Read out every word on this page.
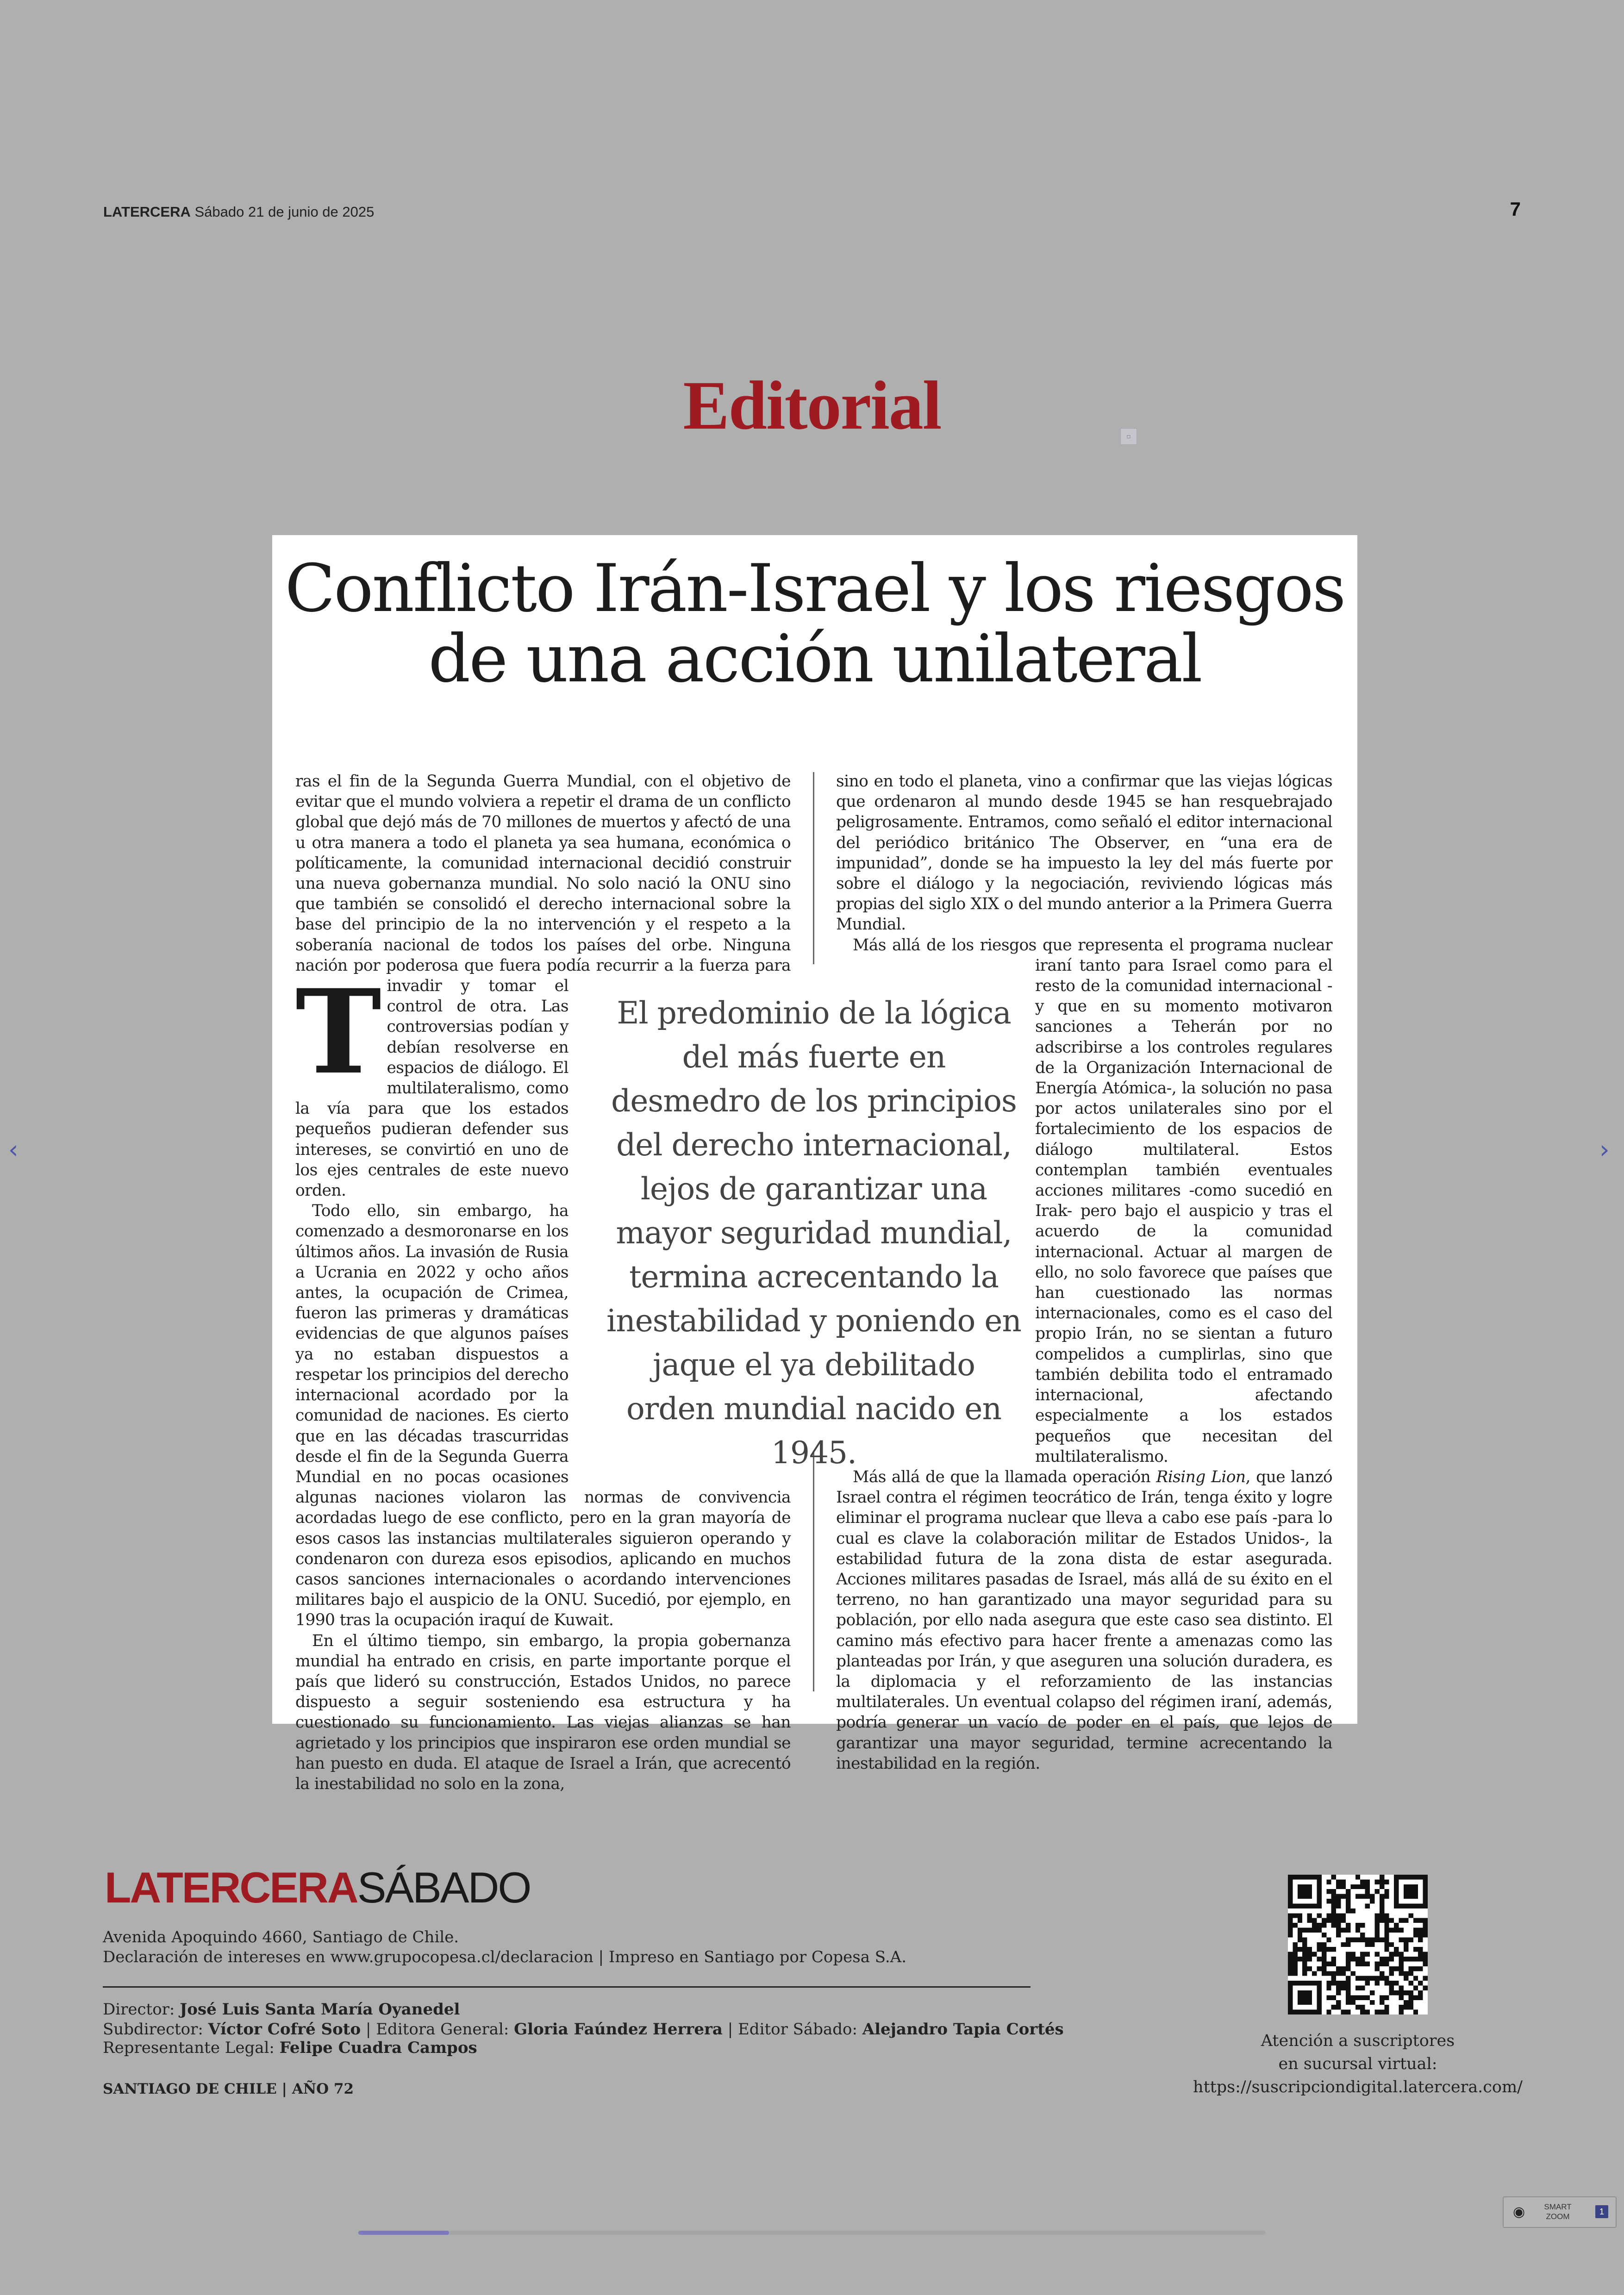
LATERCERA Sábado 21 de junio de 2025	7
Editorial	▫
Conflicto Irán-Israel y los riesgos
de una acción unilateral

T
ras el fin de la Segunda Guerra Mundial, con el objetivo de evitar que el mundo volviera a repetir el drama de un conflicto global que dejó más de 70 millones de muertos y afectó de una u otra manera a todo el planeta ya sea humana, económica o políticamente, la comunidad internacional decidió construir una nueva gobernanza mundial. No solo nació la ONU sino que también se consolidó el derecho internacional sobre la base del principio de la no intervención y el respeto a la soberanía nacional de todos los países del orbe. Ninguna nación por poderosa que fuera podía recurrir a la fuerza para invadir y tomar el control de otra. Las controversias podían y debían resolverse en espacios de diálogo. El multilateralismo, como la vía para que los estados pequeños pudieran defender sus intereses, se convirtió en uno de los ejes centrales de este nuevo orden.

Todo ello, sin embargo, ha comenzado a desmoronarse en los últimos años. La invasión de Rusia a Ucrania en 2022 y ocho años antes, la ocupación de Crimea, fueron las primeras y dramáticas evidencias de que algunos países ya no estaban dispuestos a respetar los principios del derecho internacional acordado por la comunidad de naciones. Es cierto que en las décadas trascurridas desde el fin de la Segunda Guerra Mundial en no pocas ocasiones algunas naciones violaron las normas de convivencia acordadas luego de ese conflicto, pero en la gran mayoría de esos casos las instancias multilaterales siguieron operando y condenaron con dureza esos episodios, aplicando en muchos casos sanciones internacionales o acordando intervenciones militares bajo el auspicio de la ONU. Sucedió, por ejemplo, en 1990 tras la ocupación iraquí de Kuwait.

En el último tiempo, sin embargo, la propia gobernanza mundial ha entrado en crisis, en parte importante porque el país que lideró su construcción, Estados Unidos, no parece dispuesto a seguir sosteniendo esa estructura y ha cuestionado su funcionamiento. Las viejas alianzas se han agrietado y los principios que inspiraron ese orden mundial se han puesto en duda. El ataque de Israel a Irán, que acrecentó la inestabilidad no solo en la zona,

sino en todo el planeta, vino a confirmar que las viejas lógicas que ordenaron al mundo desde 1945 se han resquebrajado peligrosamente. Entramos, como señaló el editor internacional del periódico británico The Observer, en “una era de impunidad”, donde se ha impuesto la ley del más fuerte por sobre el diálogo y la negociación, reviviendo lógicas más propias del siglo XIX o del mundo anterior a la Primera Guerra Mundial.

Más allá de los riesgos que representa el programa nuclear iraní tanto para Israel como para el resto de la comunidad internacional -y que en su momento motivaron sanciones a Teherán por no adscribirse a los controles regulares de la Organización Internacional de Energía Atómica-, la solución no pasa por actos unilaterales sino por el fortalecimiento de los espacios de diálogo multilateral. Estos contemplan también eventuales acciones militares -como sucedió en Irak- pero bajo el auspicio y tras el acuerdo de la comunidad internacional. Actuar al margen de ello, no solo favorece que países que han cuestionado las normas internacionales, como es el caso del propio Irán, no se sientan a futuro compelidos a cumplirlas, sino que también debilita todo el entramado internacional, afectando especialmente a los estados pequeños que necesitan del multilateralismo.

Más allá de que la llamada operación Rising Lion, que lanzó Israel contra el régimen teocrático de Irán, tenga éxito y logre eliminar el programa nuclear que lleva a cabo ese país -para lo cual es clave la colaboración militar de Estados Unidos-, la estabilidad futura de la zona dista de estar asegurada. Acciones militares pasadas de Israel, más allá de su éxito en el terreno, no han garantizado una mayor seguridad para su población, por ello nada asegura que este caso sea distinto. El camino más efectivo para hacer frente a amenazas como las planteadas por Irán, y que aseguren una solución duradera, es la diplomacia y el reforzamiento de las instancias multilaterales. Un eventual colapso del régimen iraní, además, podría generar un vacío de poder en el país, que lejos de garantizar una mayor seguridad, termine acrecentando la inestabilidad en la región.

El predominio de la lógica del más fuerte en desmedro de los principios del derecho internacional, lejos de garantizar una mayor seguridad mundial, termina acrecentando la inestabilidad y poniendo en jaque el ya debilitado orden mundial nacido en 1945.
‹	›
LATERCERASÁBADO
Avenida Apoquindo 4660, Santiago de Chile.
Declaración de intereses en www.grupocopesa.cl/declaracion | Impreso en Santiago por Copesa S.A.
Director: José Luis Santa María Oyanedel
Subdirector: Víctor Cofré Soto | Editora General: Gloria Faúndez Herrera | Editor Sábado: Alejandro Tapia Cortés
Representante Legal: Felipe Cuadra Campos
SANTIAGO DE CHILE | AÑO 72
Atención a suscriptores
en sucursal virtual:
https://suscripciondigital.latercera.com/
◉	SMART
ZOOM
1
